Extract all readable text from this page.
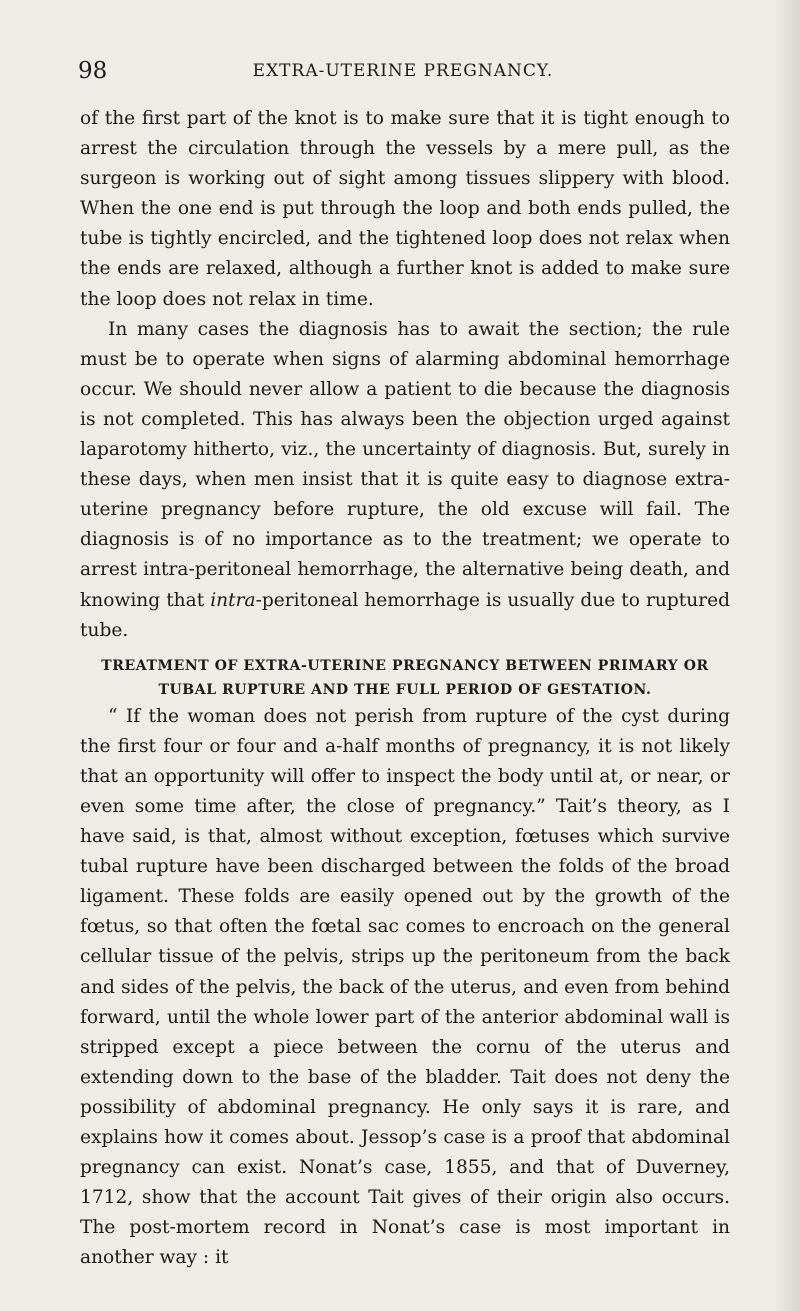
98	EXTRA-UTERINE PREGNANCY.

of the first part of the knot is to make sure that it is tight enough to arrest the circulation through the vessels by a mere pull, as the surgeon is working out of sight among tissues slippery with blood. When the one end is put through the loop and both ends pulled, the tube is tightly encircled, and the tightened loop does not relax when the ends are relaxed, although a further knot is added to make sure the loop does not relax in time.

In many cases the diagnosis has to await the section; the rule must be to operate when signs of alarming abdominal hemorrhage occur. We should never allow a patient to die because the diagnosis is not completed. This has always been the objection urged against laparotomy hitherto, viz., the uncertainty of diagnosis. But, surely in these days, when men insist that it is quite easy to diagnose extra-uterine pregnancy before rupture, the old excuse will fail. The diagnosis is of no importance as to the treatment; we operate to arrest intra-peritoneal hemorrhage, the alternative being death, and knowing that intra-peritoneal hemorrhage is usually due to ruptured tube.

TREATMENT OF EXTRA-UTERINE PREGNANCY BETWEEN PRIMARY OR TUBAL RUPTURE AND THE FULL PERIOD OF GESTATION.

“ If the woman does not perish from rupture of the cyst during the first four or four and a-half months of pregnancy, it is not likely that an opportunity will offer to inspect the body until at, or near, or even some time after, the close of pregnancy.” Tait’s theory, as I have said, is that, almost without exception, fœtuses which survive tubal rupture have been discharged between the folds of the broad ligament. These folds are easily opened out by the growth of the fœtus, so that often the fœtal sac comes to encroach on the general cellular tissue of the pelvis, strips up the peritoneum from the back and sides of the pelvis, the back of the uterus, and even from behind forward, until the whole lower part of the anterior abdominal wall is stripped except a piece between the cornu of the uterus and extending down to the base of the bladder. Tait does not deny the possibility of abdominal pregnancy. He only says it is rare, and explains how it comes about. Jessop’s case is a proof that abdominal pregnancy can exist. Nonat’s case, 1855, and that of Duverney, 1712, show that the account Tait gives of their origin also occurs. The post-mortem record in Nonat’s case is most important in another way : it
